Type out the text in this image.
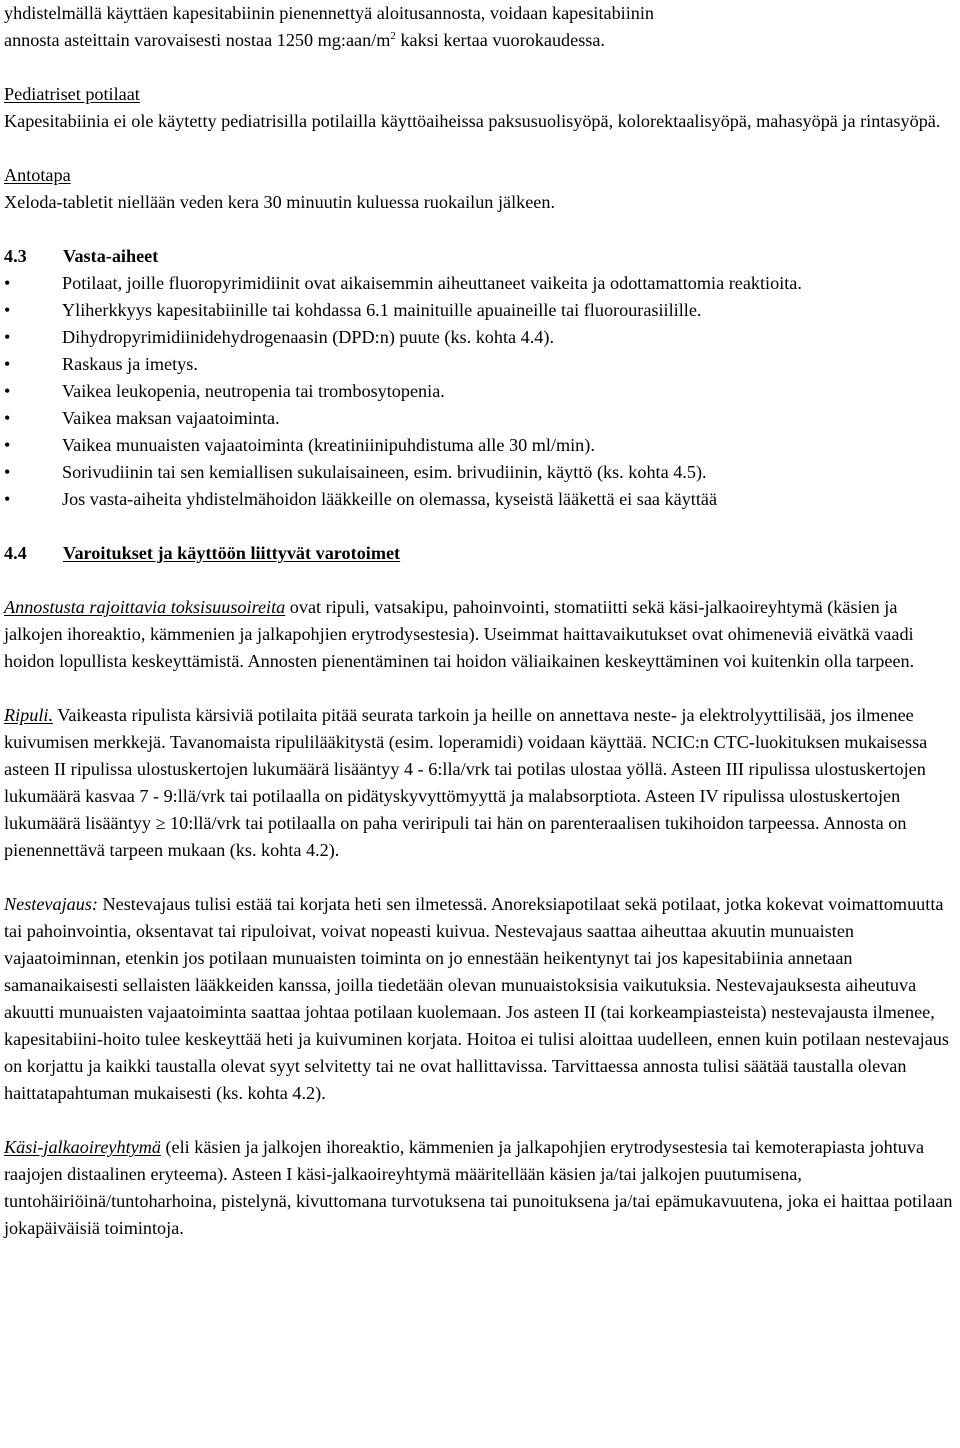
yhdistelmällä käyttäen kapesitabiinin pienennettyä aloitusannosta, voidaan kapesitabiinin
annosta asteittain varovaisesti nostaa 1250 $mg:aan/m^2$ kaksi kertaa vuorokaudessa.

Pediatriset potilaat
Kapesitabiinia ei ole käytetty pediatrisilla potilailla käyttöaiheissa paksusuolisyöpä, kolorektaalisyöpä, mahasyöpä ja rintasyöpä.

Antotapa
Xeloda-tabletit niellään veden kera 30 minuutin kuluessa ruokailun jälkeen.

4.3 Vasta-aiheet
• Potilaat, joille fluoropyrimidiinit ovat aikaisemmin aiheuttaneet vaikeita ja odottamattomia reaktioita.
• Yliherkkyys kapesitabiinille tai kohdassa 6.1 mainituille apuaineille tai fluorourasiilille.
• Dihydropyrimidiinidehydrogenaasin (DPD:n) puute (ks. kohta 4.4).
• Raskaus ja imetys.
• Vaikea leukopenia, neutropenia tai trombosytopenia.
• Vaikea maksan vajaatoiminta.
• Vaikea munuaisten vajaatoiminta (kreatiniinipuhdistuma alle 30 ml/min).
• Sorivudiinin tai sen kemiallisen sukulaisaineen, esim. brivudiinin, käyttö (ks. kohta 4.5).
• Jos vasta-aiheita yhdistelmähoidon lääkkeille on olemassa, kyseistä lääkettä ei saa käyttää
4.4 Varoitukset ja käyttöön liittyvät varotoimet

Annostusta rajoittavia toksisuusoireita ovat ripuli, vatsakipu, pahoinvointi, stomatiitti sekä käsi-jalkaoireyhtymä (käsien ja jalkojen ihoreaktio, kämmenien ja jalkapohjien erytrodysestesia). Useimmat haittavaikutukset ovat ohimeneviä eivätkä vaadi hoidon lopullista keskeyttämistä. Annosten pienentäminen tai hoidon väliaikainen keskeyttäminen voi kuitenkin olla tarpeen.

Ripuli. Vaikeasta ripulista kärsiviä potilaita pitää seurata tarkoin ja heille on annettava neste- ja elektrolyyttilisää, jos ilmenee kuivumisen merkkejä. Tavanomaista ripulilääkitystä (esim. loperamidi) voidaan käyttää. NCIC:n CTC-luokituksen mukaisessa asteen II ripulissa ulostuskertojen lukumäärä lisääntyy 4 - 6:lla/vrk tai potilas ulostaa yöllä. Asteen III ripulissa ulostuskertojen lukumäärä kasvaa 7 - 9:llä/vrk tai potilaalla on pidätyskyvyttömyyttä ja malabsorptiota. Asteen IV ripulissa ulostuskertojen lukumäärä lisääntyy ≥ 10:llä/vrk tai potilaalla on paha veriripuli tai hän on parenteraalisen tukihoidon tarpeessa. Annosta on pienennettävä tarpeen mukaan (ks. kohta 4.2).

Nestevajaus: Nestevajaus tulisi estää tai korjata heti sen ilmetessä. Anoreksiapotilaat sekä potilaat, jotka kokevat voimattomuutta tai pahoinvointia, oksentavat tai ripuloivat, voivat nopeasti kuivua. Nestevajaus saattaa aiheuttaa akuutin munuaisten vajaatoiminnan, etenkin jos potilaan munuaisten toiminta on jo ennestään heikentynyt tai jos kapesitabiinia annetaan samanaikaisesti sellaisten lääkkeiden kanssa, joilla tiedetään olevan munuaistoksisia vaikutuksia. Nestevajauksesta aiheutuva akuutti munuaisten vajaatoiminta saattaa johtaa potilaan kuolemaan. Jos asteen II (tai korkeampiasteista) nestevajausta ilmenee, kapesitabiini-hoito tulee keskeyttää heti ja kuivuminen korjata. Hoitoa ei tulisi aloittaa uudelleen, ennen kuin potilaan nestevajaus on korjattu ja kaikki taustalla olevat syyt selvitetty tai ne ovat hallittavissa. Tarvittaessa annosta tulisi säätää taustalla olevan haittatapahtuman mukaisesti (ks. kohta 4.2).

Käsi-jalkaoireyhtymä (eli käsien ja jalkojen ihoreaktio, kämmenien ja jalkapohjien erytrodysestesia tai kemoterapiasta johtuva raajojen distaalinen eryteema). Asteen I käsi-jalkaoireyhtymä määritellään käsien ja/tai jalkojen puutumisena, tuntohäiriöinä/tuntoharhoina, pistelynä, kivuttomana turvotuksena tai punoituksena ja/tai epämukavuutena, joka ei haittaa potilaan jokapäiväisiä toimintoja.
